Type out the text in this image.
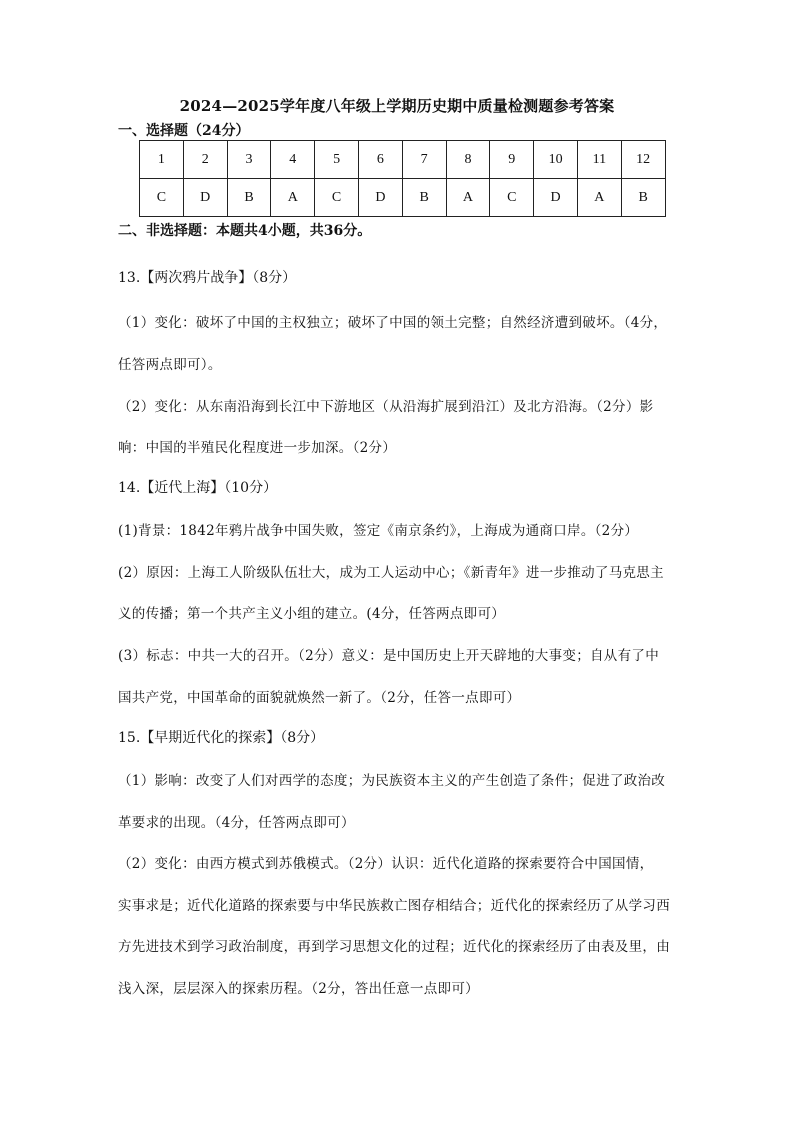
2024—2025学年度八年级上学期历史期中质量检测题参考答案
一、选择题（24分）
1	2	3	4	5	6	7	8	9	10	11	12
C	D	B	A	C	D	B	A	C	D	A	B
二、非选择题：本题共4小题，共36分。
13.【两次鸦片战争】（8分）
（1）变化：破坏了中国的主权独立；破坏了中国的领土完整；自然经济遭到破坏。（4分，
任答两点即可）。
（2）变化：从东南沿海到长江中下游地区（从沿海扩展到沿江）及北方沿海。（2分）影
响：中国的半殖民化程度进一步加深。（2分）
14.【近代上海】（10分）
(1)背景：1842年鸦片战争中国失败，签定《南京条约》，上海成为通商口岸。（2分）
(2）原因：上海工人阶级队伍壮大，成为工人运动中心；《新青年》进一步推动了马克思主
义的传播；第一个共产主义小组的建立。(4分，任答两点即可）
(3）标志：中共一大的召开。（2分）意义：是中国历史上开天辟地的大事变；自从有了中
国共产党，中国革命的面貌就焕然一新了。（2分，任答一点即可）
15.【早期近代化的探索】（8分）
（1）影响：改变了人们对西学的态度；为民族资本主义的产生创造了条件；促进了政治改
革要求的出现。（4分，任答两点即可）
（2）变化：由西方模式到苏俄模式。（2分）认识：近代化道路的探索要符合中国国情，
实事求是；近代化道路的探索要与中华民族救亡图存相结合；近代化的探索经历了从学习西
方先进技术到学习政治制度，再到学习思想文化的过程；近代化的探索经历了由表及里，由
浅入深，层层深入的探索历程。（2分，答出任意一点即可）
